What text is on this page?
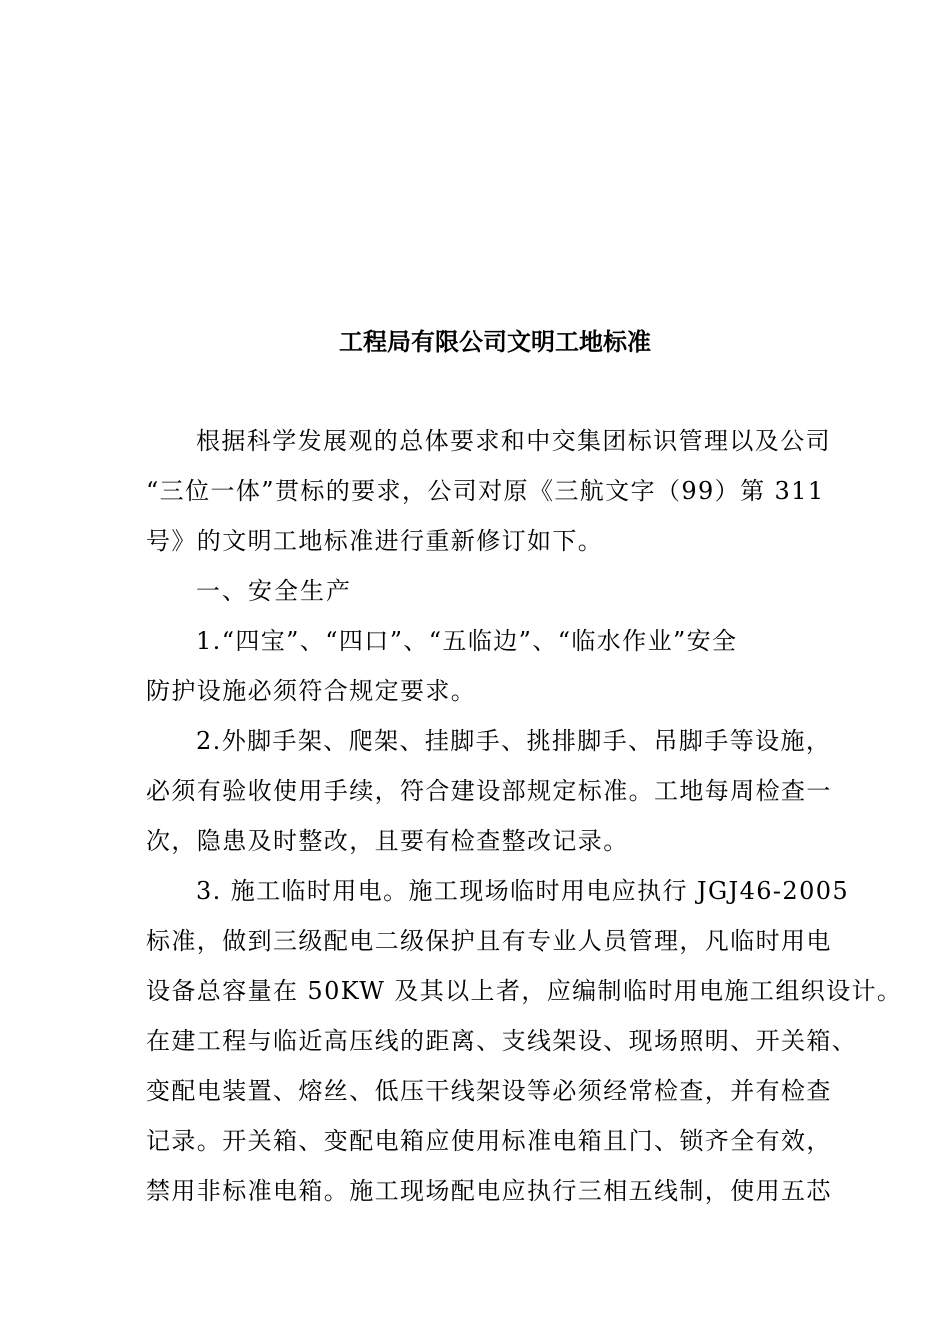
工程局有限公司文明工地标准
根据科学发展观的总体要求和中交集团标识管理以及公司
“三位一体”贯标的要求，公司对原《三航文字（99）第 311
号》的文明工地标准进行重新修订如下。
一、安全生产
1.“四宝”、“四口”、“五临边”、“临水作业”安全
防护设施必须符合规定要求。
2.外脚手架、爬架、挂脚手、挑排脚手、吊脚手等设施，
必须有验收使用手续，符合建设部规定标准。工地每周检查一
次，隐患及时整改，且要有检查整改记录。
3. 施工临时用电。施工现场临时用电应执行 JGJ46-2005
标准，做到三级配电二级保护且有专业人员管理，凡临时用电
设备总容量在 50KW 及其以上者，应编制临时用电施工组织设计。
在建工程与临近高压线的距离、支线架设、现场照明、开关箱、
变配电装置、熔丝、低压干线架设等必须经常检查，并有检查
记录。开关箱、变配电箱应使用标准电箱且门、锁齐全有效，
禁用非标准电箱。施工现场配电应执行三相五线制，使用五芯
